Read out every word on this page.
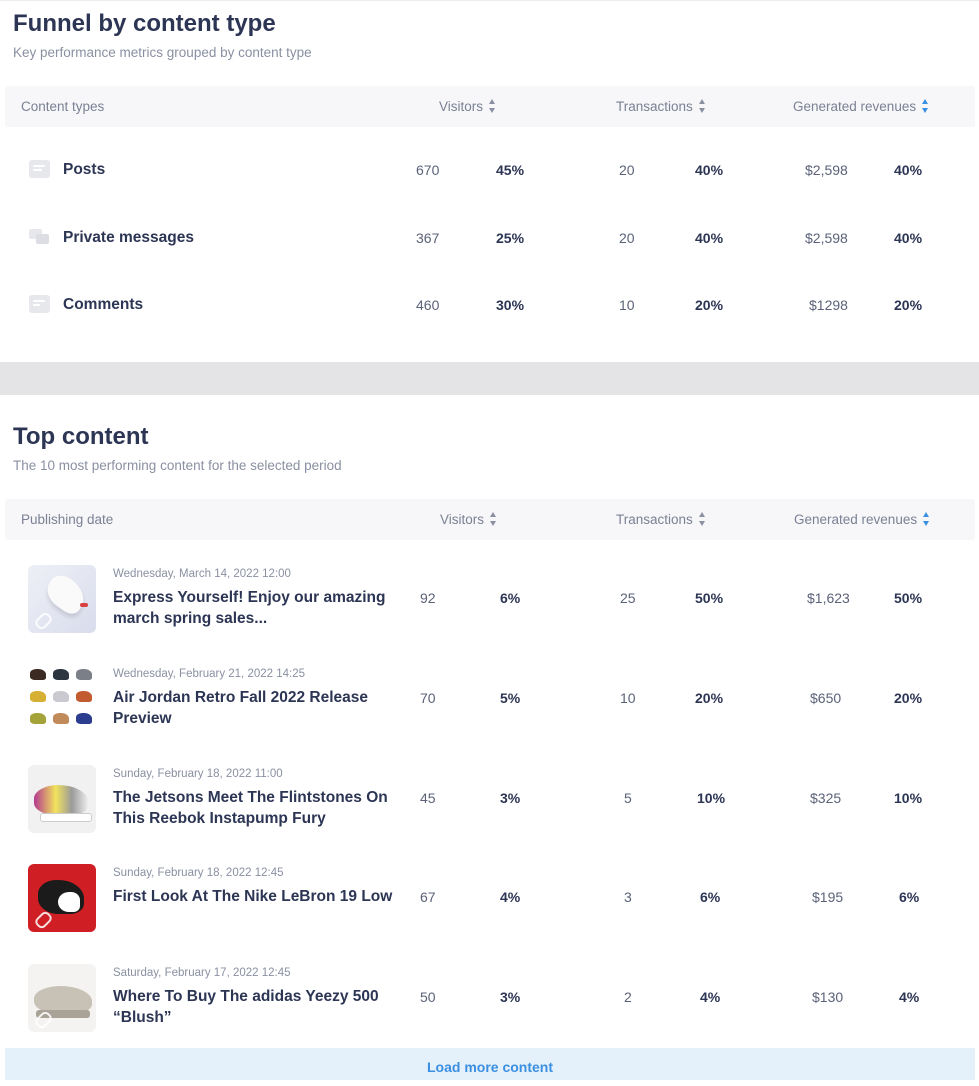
Funnel by content type

Key performance metrics grouped by content type

Content types	Visitors	Transactions	Generated revenues
Posts	670	45%	20	40%	$2,598	40%
Private messages	367	25%	20	40%	$2,598	40%
Comments	460	30%	10	20%	$1298	20%
Top content

The 10 most performing content for the selected period

Publishing date	Visitors	Transactions	Generated revenues
Wednesday, March 14, 2022 12:00

Express Yourself! Enjoy our amazing march spring sales...

92	6%	25	50%	$1,623	50%
Wednesday, February 21, 2022 14:25

Air Jordan Retro Fall 2022 Release Preview

70	5%	10	20%	$650	20%
Sunday, February 18, 2022 11:00

The Jetsons Meet The Flintstones On This Reebok Instapump Fury

45	3%	5	10%	$325	10%
Sunday, February 18, 2022 12:45

First Look At The Nike LeBron 19 Low	67	4%	3	6%	$195	6%
Saturday, February 17, 2022 12:45

Where To Buy The adidas Yeezy 500 “Blush”

50	3%	2	4%	$130	4%
Load more content
